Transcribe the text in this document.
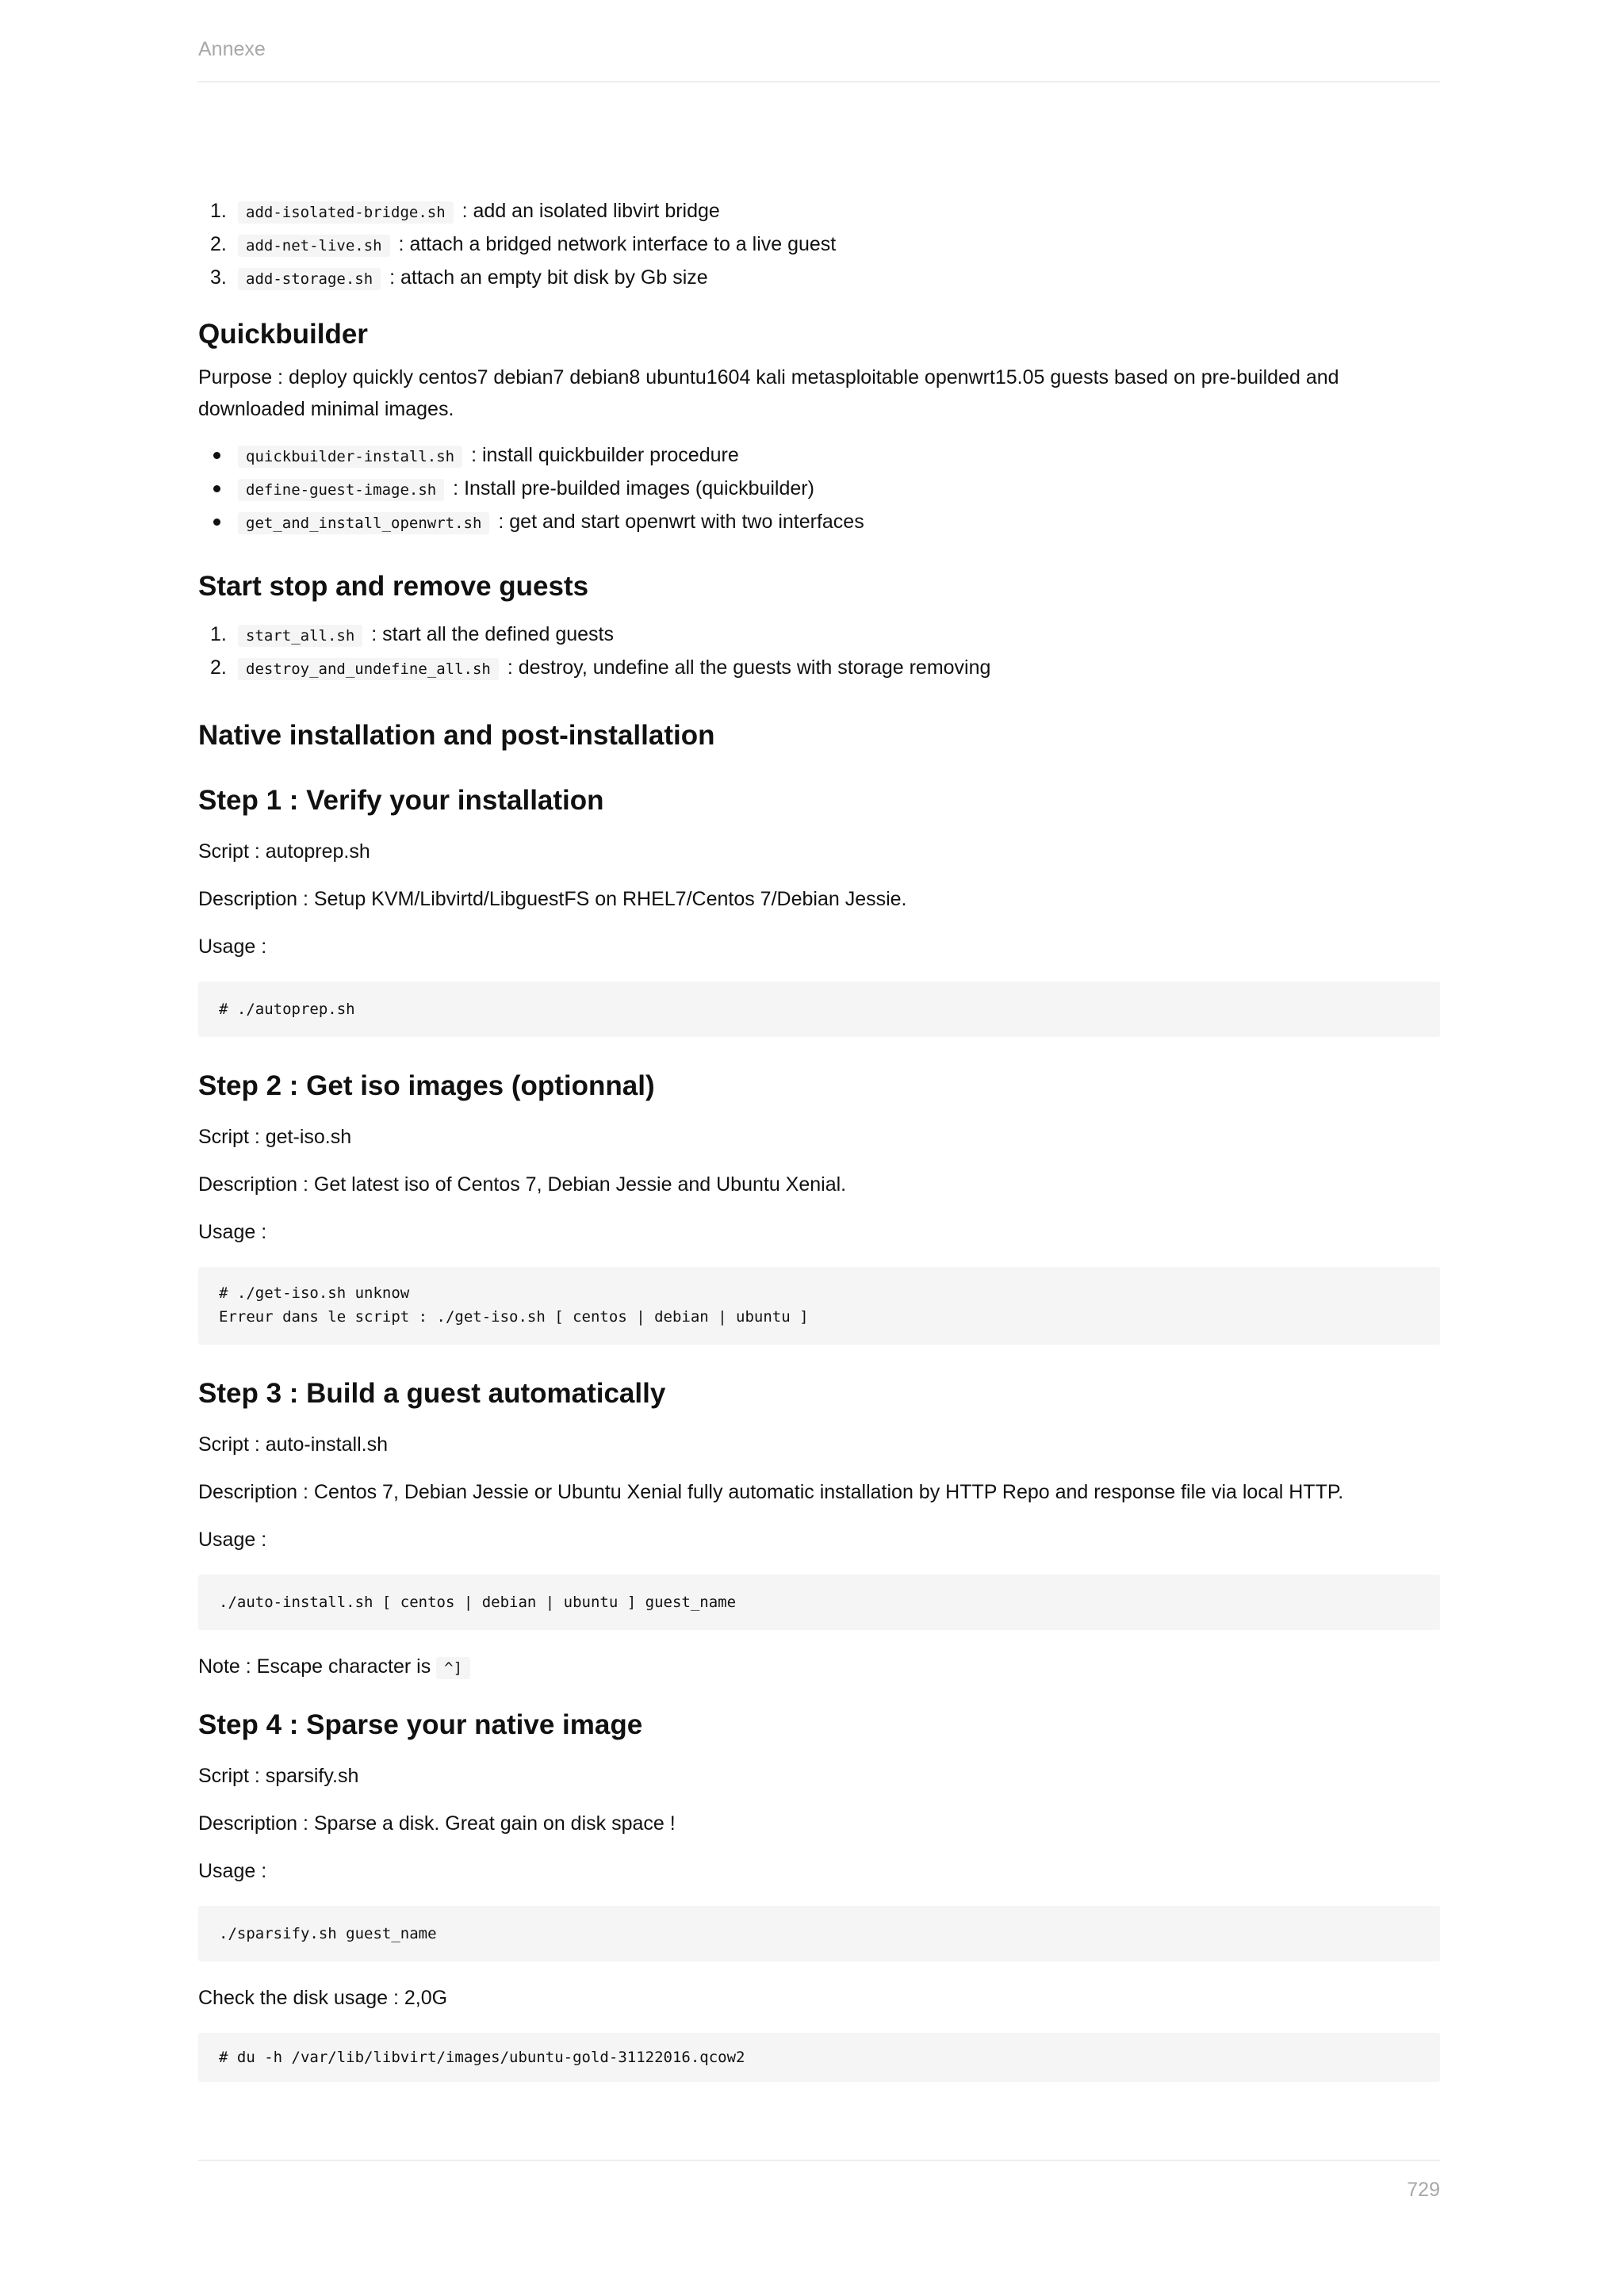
Annexe
1. add-isolated-bridge.sh : add an isolated libvirt bridge
2. add-net-live.sh : attach a bridged network interface to a live guest
3. add-storage.sh : attach an empty bit disk by Gb size
Quickbuilder

Purpose : deploy quickly centos7 debian7 debian8 ubuntu1604 kali metasploitable openwrt15.05 guests based on pre-builded and downloaded minimal images.

quickbuilder-install.sh : install quickbuilder procedure
define-guest-image.sh : Install pre-builded images (quickbuilder)
get_and_install_openwrt.sh : get and start openwrt with two interfaces
Start stop and remove guests
1. start_all.sh : start all the defined guests
2. destroy_and_undefine_all.sh : destroy, undefine all the guests with storage removing
Native installation and post-installation
Step 1 : Verify your installation

Script : autoprep.sh

Description : Setup KVM/Libvirtd/LibguestFS on RHEL7/Centos 7/Debian Jessie.

Usage :

# ./autoprep.sh
Step 2 : Get iso images (optionnal)

Script : get-iso.sh

Description : Get latest iso of Centos 7, Debian Jessie and Ubuntu Xenial.

Usage :

# ./get-iso.sh unknow
Erreur dans le script : ./get-iso.sh [ centos | debian | ubuntu ]
Step 3 : Build a guest automatically

Script : auto-install.sh

Description : Centos 7, Debian Jessie or Ubuntu Xenial fully automatic installation by HTTP Repo and response file via local HTTP.

Usage :

./auto-install.sh [ centos | debian | ubuntu ] guest_name

Note : Escape character is ^]

Step 4 : Sparse your native image

Script : sparsify.sh

Description : Sparse a disk. Great gain on disk space !

Usage :

./sparsify.sh guest_name

Check the disk usage : 2,0G

# du -h /var/lib/libvirt/images/ubuntu-gold-31122016.qcow2
729
